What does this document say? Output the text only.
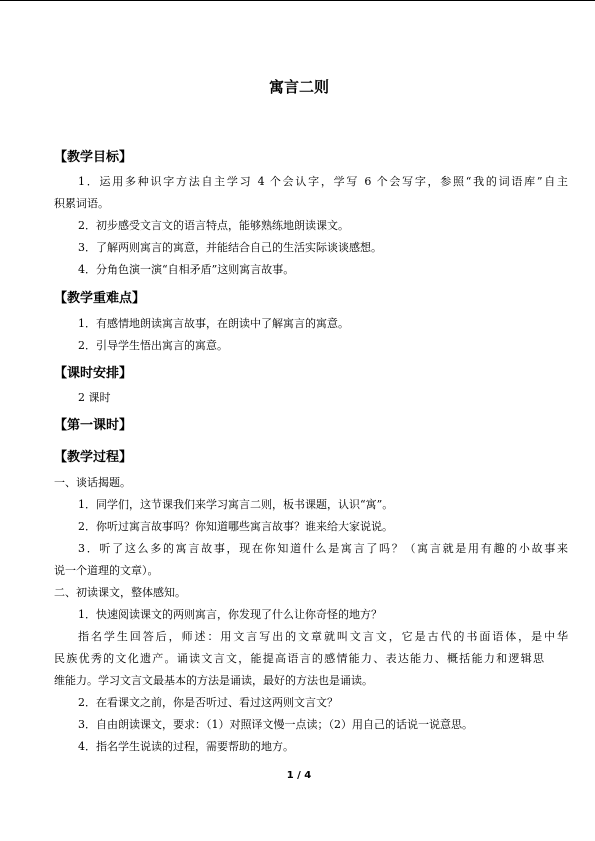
寓言二则
【教学目标】
1．运用多种识字方法自主学习 4 个会认字，学写 6 个会写字，参照“我的词语库”自主
积累词语。
2．初步感受文言文的语言特点，能够熟练地朗读课文。
3．了解两则寓言的寓意，并能结合自己的生活实际谈谈感想。
4．分角色演一演“自相矛盾”这则寓言故事。
【教学重难点】
1．有感情地朗读寓言故事，在朗读中了解寓言的寓意。
2．引导学生悟出寓言的寓意。
【课时安排】
2 课时
【第一课时】
【教学过程】
一、谈话揭题。
1．同学们，这节课我们来学习寓言二则，板书课题，认识“寓”。
2．你听过寓言故事吗？你知道哪些寓言故事？谁来给大家说说。
3．听了这么多的寓言故事，现在你知道什么是寓言了吗？（寓言就是用有趣的小故事来
说一个道理的文章）。
二、初读课文，整体感知。
1．快速阅读课文的两则寓言，你发现了什么让你奇怪的地方？
指名学生回答后，师述：用文言写出的文章就叫文言文，它是古代的书面语体，是中华
民族优秀的文化遗产。诵读文言文，能提高语言的感情能力、表达能力、概括能力和逻辑思
维能力。学习文言文最基本的方法是诵读，最好的方法也是诵读。
2．在看课文之前，你是否听过、看过这两则文言文？
3．自由朗读课文，要求：（1）对照译文慢一点读；（2）用自己的话说一说意思。
4．指名学生说读的过程，需要帮助的地方。
1 / 4
